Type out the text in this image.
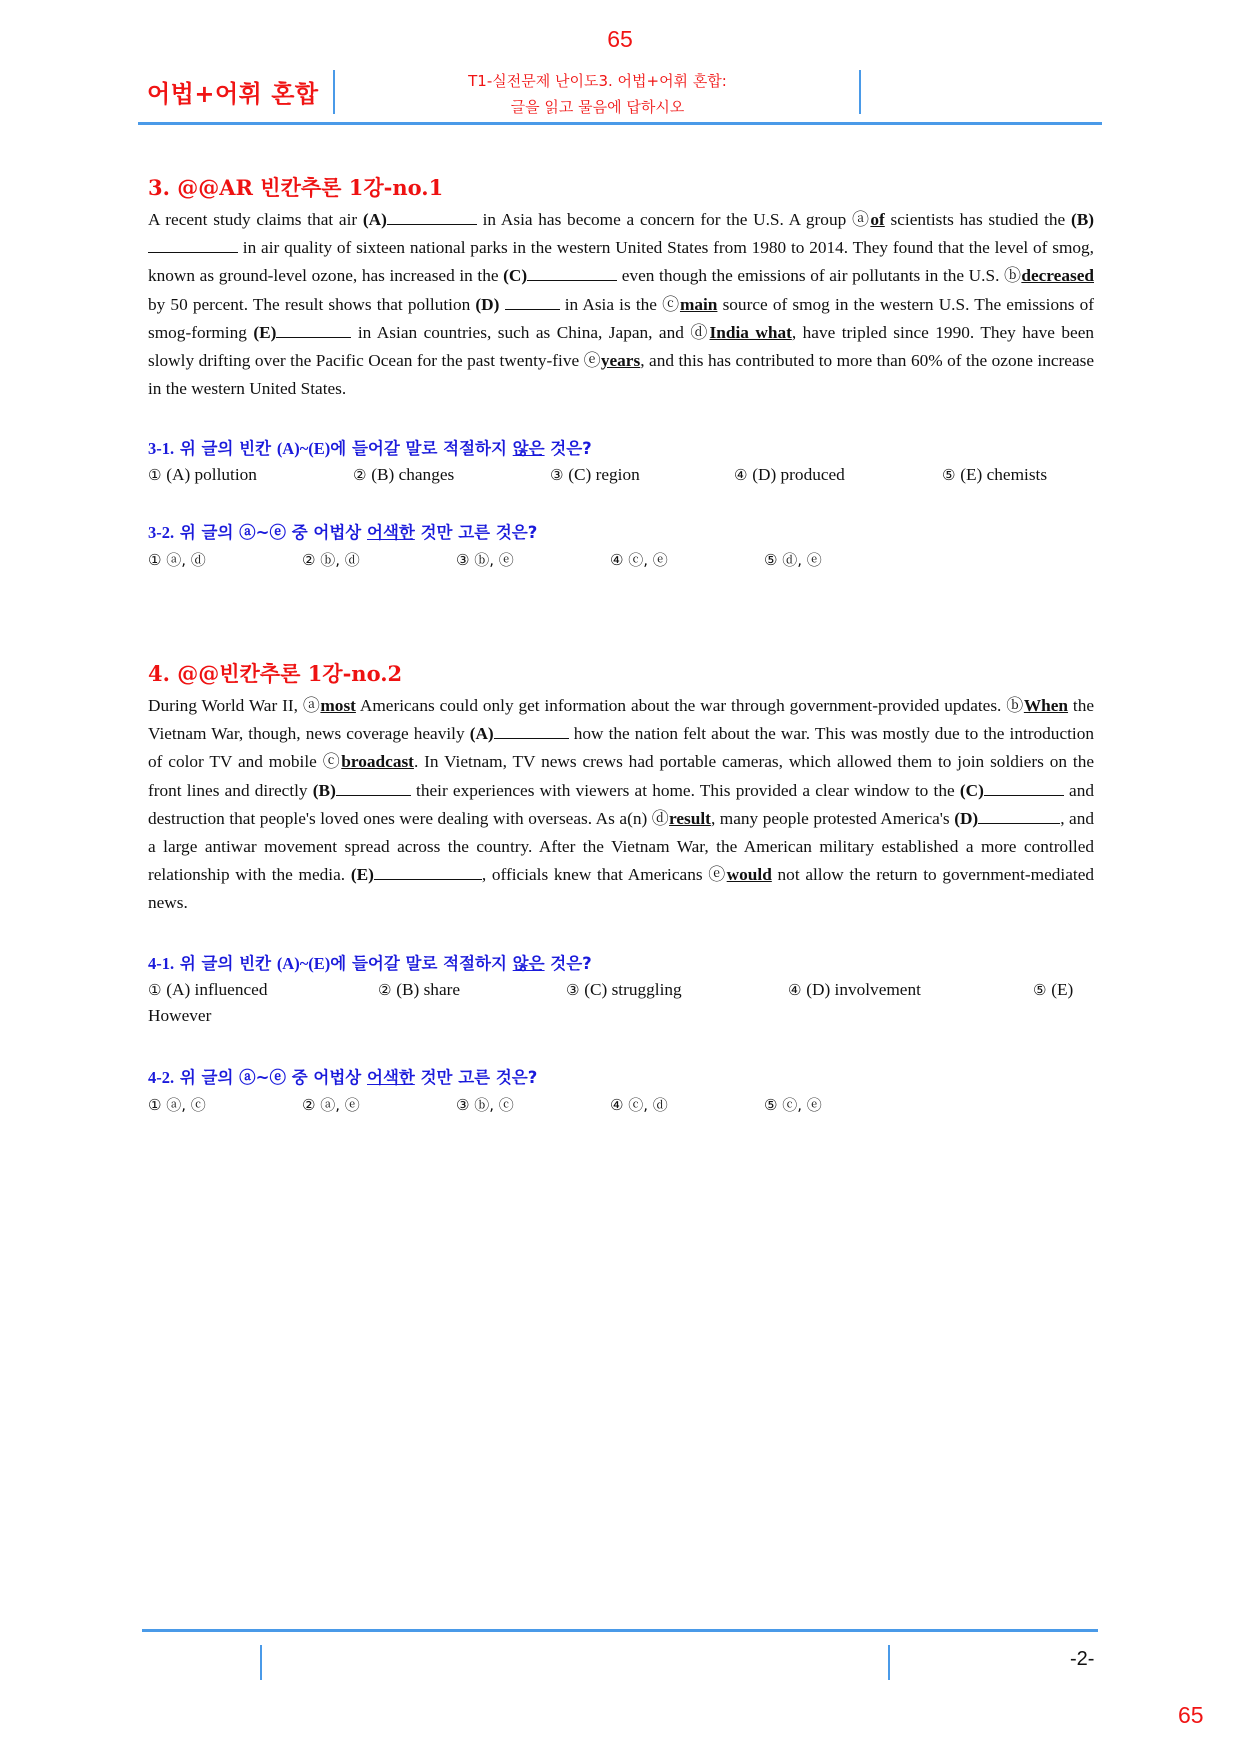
65
어법+어휘 혼합	T1-실전문제 난이도3. 어법+어휘 혼합:
글을 읽고 물음에 답하시오
3. @@AR 빈칸추론 1강-no.1
A recent study claims that air (A)	in Asia has become a concern for the U.S. A group ⓐof scientists has studied the (B) in air quality of sixteen national parks in the western United States from 1980 to 2014. They found that the level of smog, known as ground-level ozone, has increased in the (C)	even though the emissions of air pollutants in the U.S. ⓑdecreased by 50 percent. The result shows that pollution (D)	in Asia is the ⓒmain source of smog in the western U.S. The emissions of smog-forming (E)	in Asian countries, such as China, Japan, and ⓓIndia what, have tripled since 1990. They have been slowly drifting over the Pacific Ocean for the past twenty-five ⓔyears, and this has contributed to more than 60% of the ozone increase in the western United States.
3-1. 위 글의 빈칸 (A)~(E)에 들어갈 말로 적절하지 않은 것은?
① (A) pollution	② (B) changes	③ (C) region	④ (D) produced	⑤ (E) chemists
3-2. 위 글의 ⓐ~ⓔ 중 어법상 어색한 것만 고른 것은?
① ⓐ, ⓓ	② ⓑ, ⓓ	③ ⓑ, ⓔ	④ ⓒ, ⓔ	⑤ ⓓ, ⓔ
4. @@빈칸추론 1강-no.2
During World War II, ⓐmost Americans could only get information about the war through government-provided updates. ⓑWhen the Vietnam War, though, news coverage heavily (A)	how the nation felt about the war. This was mostly due to the introduction of color TV and mobile ⓒbroadcast. In Vietnam, TV news crews had portable cameras, which allowed them to join soldiers on the front lines and directly (B)	their experiences with viewers at home. This provided a clear window to the (C)	and destruction that people's loved ones were dealing with overseas. As a(n) ⓓresult, many people protested America's (D)	, and a large antiwar movement spread across the country. After the Vietnam War, the American military established a more controlled relationship with the media. (E)	, officials knew that Americans ⓔwould not allow the return to government-mediated news.
4-1. 위 글의 빈칸 (A)~(E)에 들어갈 말로 적절하지 않은 것은?
① (A) influenced	② (B) share	③ (C) struggling	④ (D) involvement	⑤ (E)
However
4-2. 위 글의 ⓐ~ⓔ 중 어법상 어색한 것만 고른 것은?
① ⓐ, ⓒ	② ⓐ, ⓔ	③ ⓑ, ⓒ	④ ⓒ, ⓓ	⑤ ⓒ, ⓔ
-2-
65
